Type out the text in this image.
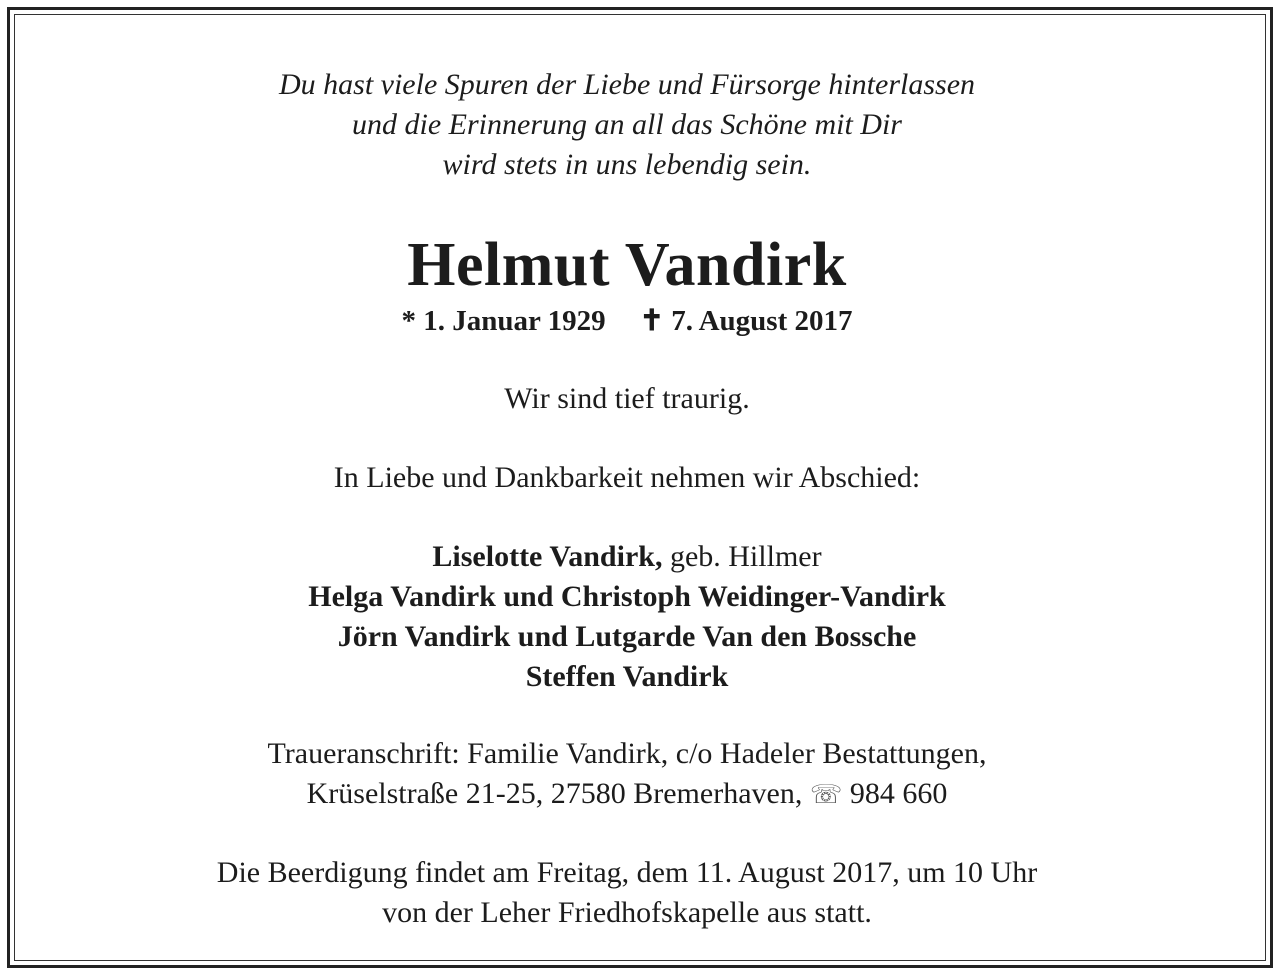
Du hast viele Spuren der Liebe und Fürsorge hinterlassen
und die Erinnerung an all das Schöne mit Dir
wird stets in uns lebendig sein.
Helmut Vandirk
* 1. Januar 1929 ✝ 7. August 2017
Wir sind tief traurig.
In Liebe und Dankbarkeit nehmen wir Abschied:
Liselotte Vandirk, geb. Hillmer
Helga Vandirk und Christoph Weidinger-Vandirk
Jörn Vandirk und Lutgarde Van den Bossche
Steffen Vandirk
Traueranschrift: Familie Vandirk, c/o Hadeler Bestattungen,
Krüselstraße 21-25, 27580 Bremerhaven, ☏ 984 660
Die Beerdigung findet am Freitag, dem 11. August 2017, um 10 Uhr
von der Leher Friedhofskapelle aus statt.
